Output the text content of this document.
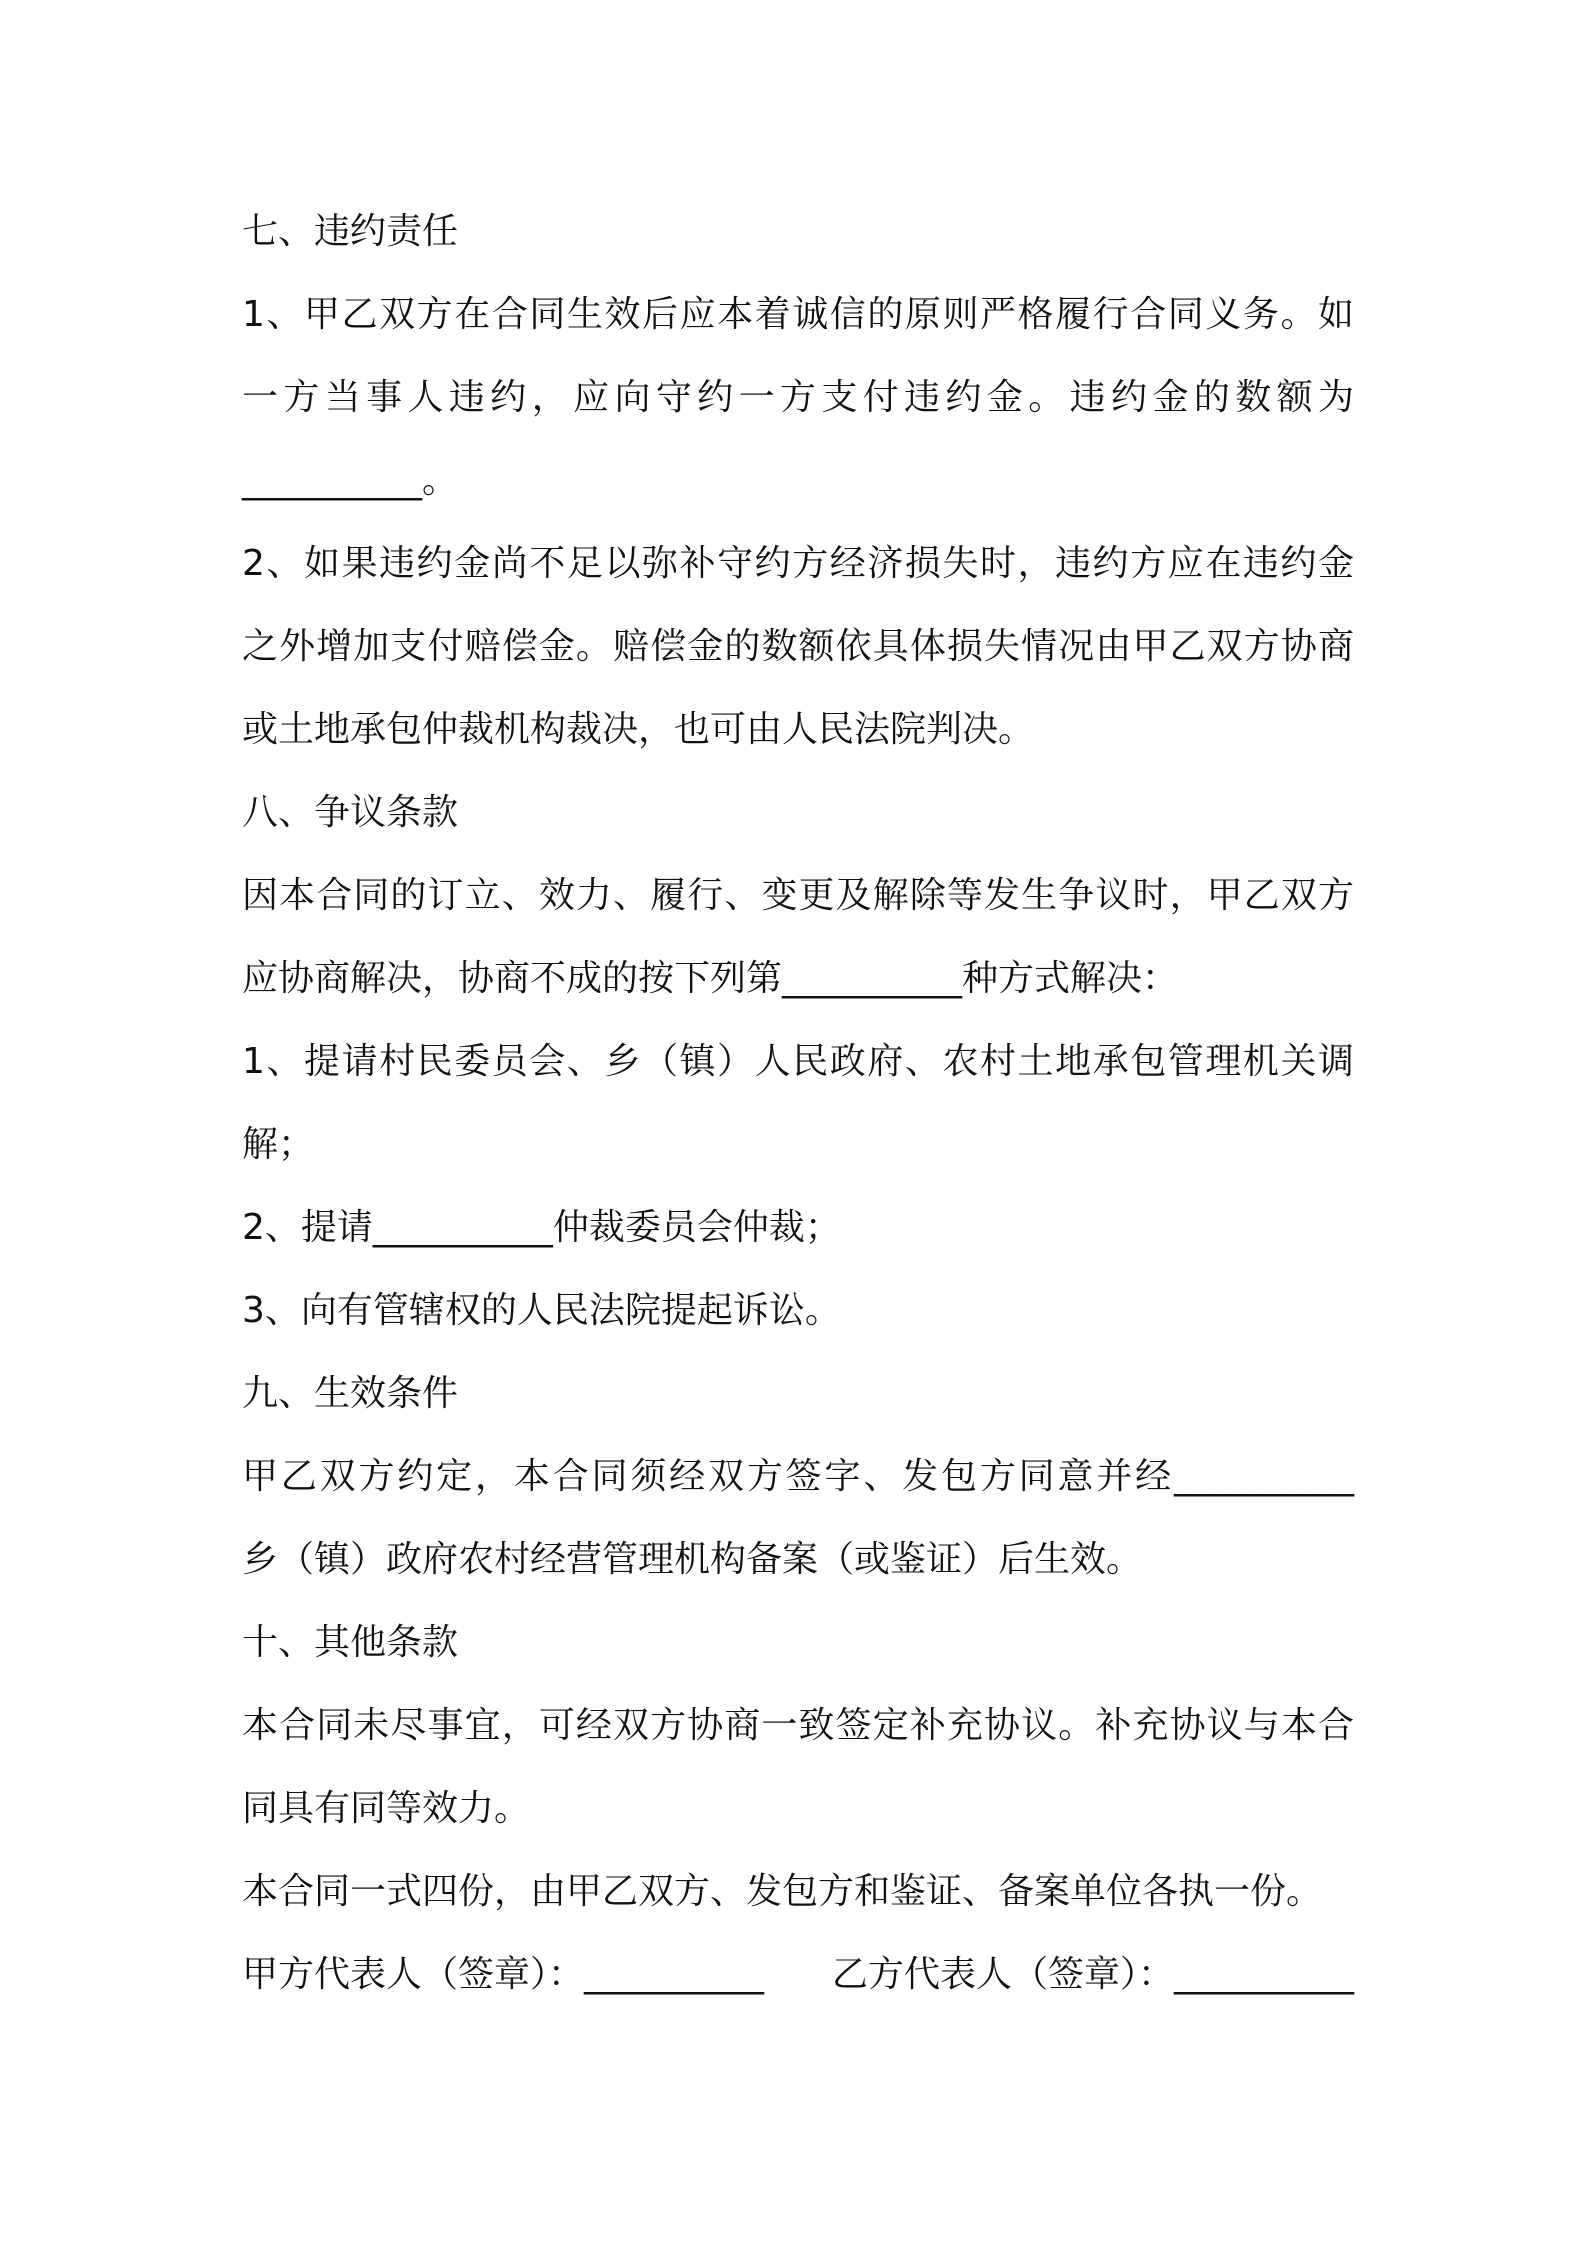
七、违约责任
1、甲乙双方在合同生效后应本着诚信的原则严格履行合同义务。如
一方当事人违约，应向守约一方支付违约金。违约金的数额为
__________。
2、如果违约金尚不足以弥补守约方经济损失时，违约方应在违约金
之外增加支付赔偿金。赔偿金的数额依具体损失情况由甲乙双方协商
或土地承包仲裁机构裁决，也可由人民法院判决。
八、争议条款
因本合同的订立、效力、履行、变更及解除等发生争议时，甲乙双方
应协商解决，协商不成的按下列第__________种方式解决：
1、提请村民委员会、乡（镇）人民政府、农村土地承包管理机关调
解；
2、提请__________仲裁委员会仲裁；
3、向有管辖权的人民法院提起诉讼。
九、生效条件
甲乙双方约定，本合同须经双方签字、发包方同意并经__________
乡（镇）政府农村经营管理机构备案（或鉴证）后生效。
十、其他条款
本合同未尽事宜，可经双方协商一致签定补充协议。补充协议与本合
同具有同等效力。
本合同一式四份，由甲乙双方、发包方和鉴证、备案单位各执一份。
甲方代表人（签章）：__________ 乙方代表人（签章）：__________
